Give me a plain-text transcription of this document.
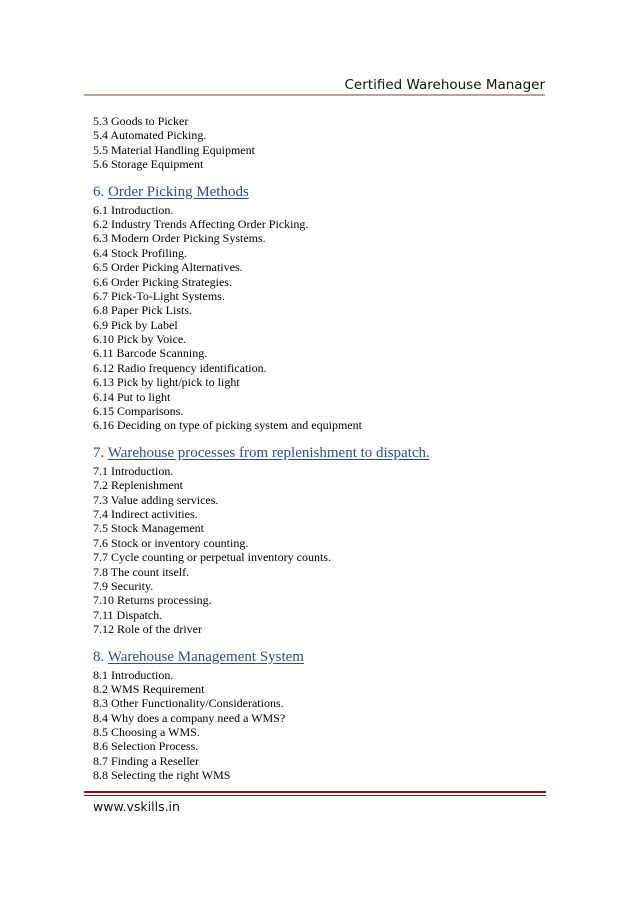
Certified Warehouse Manager
5.3 Goods to Picker
5.4 Automated Picking.
5.5 Material Handling Equipment
5.6 Storage Equipment
6. Order Picking Methods
6.1 Introduction.
6.2 Industry Trends Affecting Order Picking.
6.3 Modern Order Picking Systems.
6.4 Stock Profiling.
6.5 Order Picking Alternatives.
6.6 Order Picking Strategies.
6.7 Pick-To-Light Systems.
6.8 Paper Pick Lists.
6.9 Pick by Label
6.10 Pick by Voice.
6.11 Barcode Scanning.
6.12 Radio frequency identification.
6.13 Pick by light/pick to light
6.14 Put to light
6.15 Comparisons.
6.16 Deciding on type of picking system and equipment
7. Warehouse processes from replenishment to dispatch.
7.1 Introduction.
7.2 Replenishment
7.3 Value adding services.
7.4 Indirect activities.
7.5 Stock Management
7.6 Stock or inventory counting.
7.7 Cycle counting or perpetual inventory counts.
7.8 The count itself.
7.9 Security.
7.10 Returns processing.
7.11 Dispatch.
7.12 Role of the driver
8. Warehouse Management System
8.1 Introduction.
8.2 WMS Requirement
8.3 Other Functionality/Considerations.
8.4 Why does a company need a WMS?
8.5 Choosing a WMS.
8.6 Selection Process.
8.7 Finding a Reseller
8.8 Selecting the right WMS
www.vskills.in
